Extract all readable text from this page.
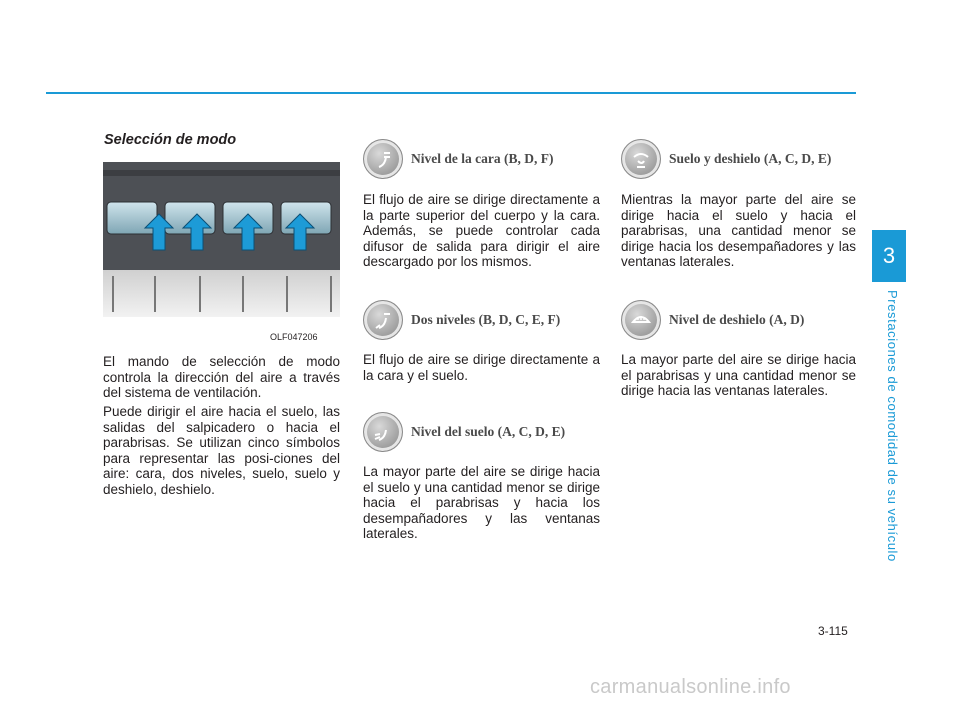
3
Prestaciones de comodidad de su vehículo
Selección de modo
OLF047206

El mando de selección de modo controla la dirección del aire a través del sistema de ventilación.

Puede dirigir el aire hacia el suelo, las salidas del salpicadero o hacia el parabrisas. Se utilizan cinco símbolos para representar las posi-ciones del aire: cara, dos niveles, suelo, suelo y deshielo, deshielo.

Nivel de la cara (B, D, F)

El flujo de aire se dirige directamente a la parte superior del cuerpo y la cara. Además, se puede controlar cada difusor de salida para dirigir el aire descargado por los mismos.

Dos niveles (B, D, C, E, F)

El flujo de aire se dirige directamente a la cara y el suelo.

Nivel del suelo (A, C, D, E)

La mayor parte del aire se dirige hacia el suelo y una cantidad menor se dirige hacia el parabrisas y hacia los desempañadores y las ventanas laterales.

Suelo y deshielo (A, C, D, E)

Mientras la mayor parte del aire se dirige hacia el suelo y hacia el parabrisas, una cantidad menor se dirige hacia los desempañadores y las ventanas laterales.

Nivel de deshielo (A, D)

La mayor parte del aire se dirige hacia el parabrisas y una cantidad menor se dirige hacia las ventanas laterales.

3-115
carmanualsonline.info
